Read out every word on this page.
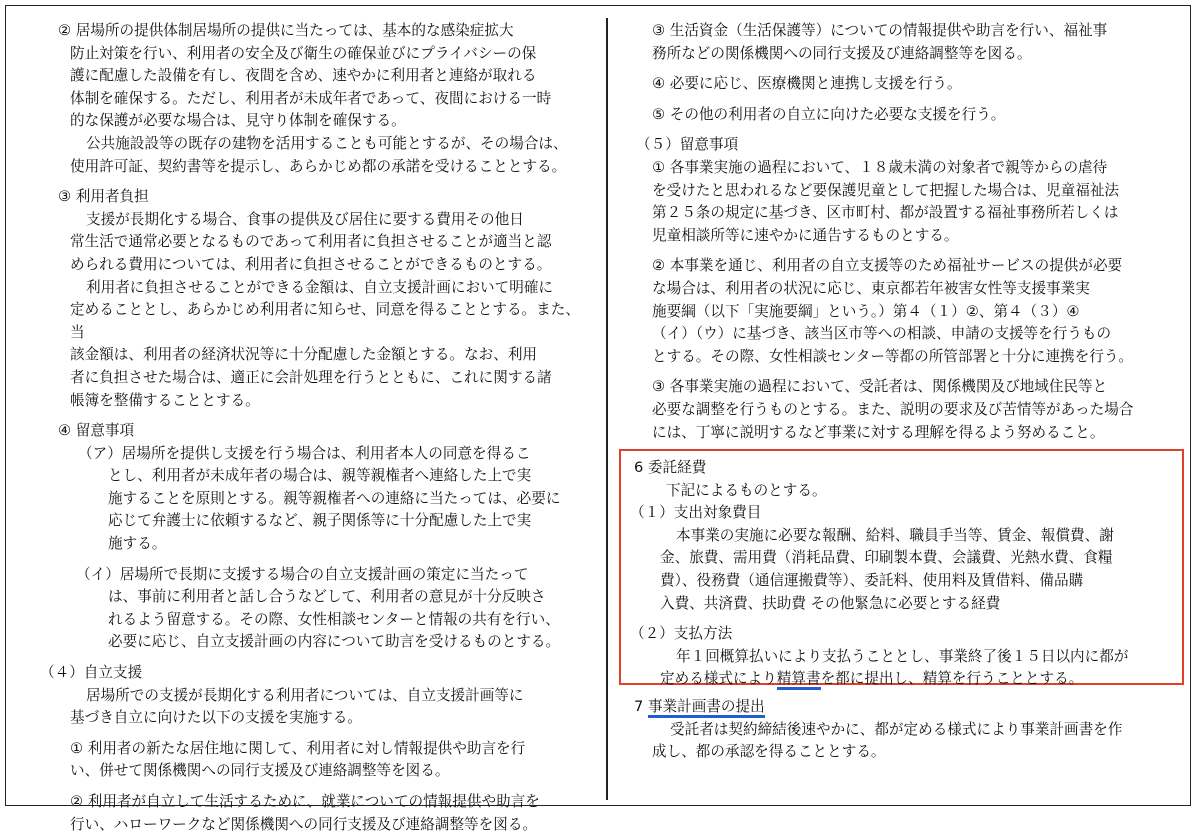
② 居場所の提供体制居場所の提供に当たっては、基本的な感染症拡大

防止対策を行い、利用者の安全及び衛生の確保並びにプライバシーの保

護に配慮した設備を有し、夜間を含め、速やかに利用者と連絡が取れる

体制を確保する。ただし、利用者が未成年者であって、夜間における一時

的な保護が必要な場合は、見守り体制を確保する。

公共施設設等の既存の建物を活用することも可能とするが、その場合は、

使用許可証、契約書等を提示し、あらかじめ都の承諾を受けることとする。

③ 利用者負担

支援が長期化する場合、食事の提供及び居住に要する費用その他日

常生活で通常必要となるものであって利用者に負担させることが適当と認

められる費用については、利用者に負担させることができるものとする。

利用者に負担させることができる金額は、自立支援計画において明確に

定めることとし、あらかじめ利用者に知らせ、同意を得ることとする。また、当

該金額は、利用者の経済状況等に十分配慮した金額とする。なお、利用

者に負担させた場合は、適正に会計処理を行うとともに、これに関する諸

帳簿を整備することとする。

④ 留意事項

（ア）居場所を提供し支援を行う場合は、利用者本人の同意を得るこ

とし、利用者が未成年者の場合は、親等親権者へ連絡した上で実

施することを原則とする。親等親権者への連絡に当たっては、必要に

応じて弁護士に依頼するなど、親子関係等に十分配慮した上で実

施する。

（イ）居場所で長期に支援する場合の自立支援計画の策定に当たって

は、事前に利用者と話し合うなどして、利用者の意見が十分反映さ

れるよう留意する。その際、女性相談センターと情報の共有を行い、

必要に応じ、自立支援計画の内容について助言を受けるものとする。

（４）自立支援

居場所での支援が長期化する利用者については、自立支援計画等に

基づき自立に向けた以下の支援を実施する。

① 利用者の新たな居住地に関して、利用者に対し情報提供や助言を行

い、併せて関係機関への同行支援及び連絡調整等を図る。

② 利用者が自立して生活するために、就業についての情報提供や助言を

行い、ハローワークなど関係機関への同行支援及び連絡調整等を図る。

③ 生活資金（生活保護等）についての情報提供や助言を行い、福祉事

務所などの関係機関への同行支援及び連絡調整等を図る。

④ 必要に応じ、医療機関と連携し支援を行う。

⑤ その他の利用者の自立に向けた必要な支援を行う。

（５）留意事項

① 各事業実施の過程において、１８歳未満の対象者で親等からの虐待

を受けたと思われるなど要保護児童として把握した場合は、児童福祉法

第２５条の規定に基づき、区市町村、都が設置する福祉事務所若しくは

児童相談所等に速やかに通告するものとする。

② 本事業を通じ、利用者の自立支援等のため福祉サービスの提供が必要

な場合は、利用者の状況に応じ、東京都若年被害女性等支援事業実

施要綱（以下「実施要綱」という。）第４（１）②、第４（３）④

（イ）（ウ）に基づき、該当区市等への相談、申請の支援等を行うもの

とする。その際、女性相談センター等都の所管部署と十分に連携を行う。

③ 各事業実施の過程において、受託者は、関係機関及び地域住民等と

必要な調整を行うものとする。また、説明の要求及び苦情等があった場合

には、丁寧に説明するなど事業に対する理解を得るよう努めること。

6 委託経費

下記によるものとする。

（１）支出対象費目

本事業の実施に必要な報酬、給料、職員手当等、賃金、報償費、謝

金、旅費、需用費（消耗品費、印刷製本費、会議費、光熱水費、食糧

費）、役務費（通信運搬費等）、委託料、使用料及賃借料、備品購

入費、共済費、扶助費 その他緊急に必要とする経費

（２）支払方法

年１回概算払いにより支払うこととし、事業終了後１５日以内に都が

定める様式により精算書を都に提出し、精算を行うこととする。

7 事業計画書の提出

受託者は契約締結後速やかに、都が定める様式により事業計画書を作

成し、都の承認を得ることとする。
